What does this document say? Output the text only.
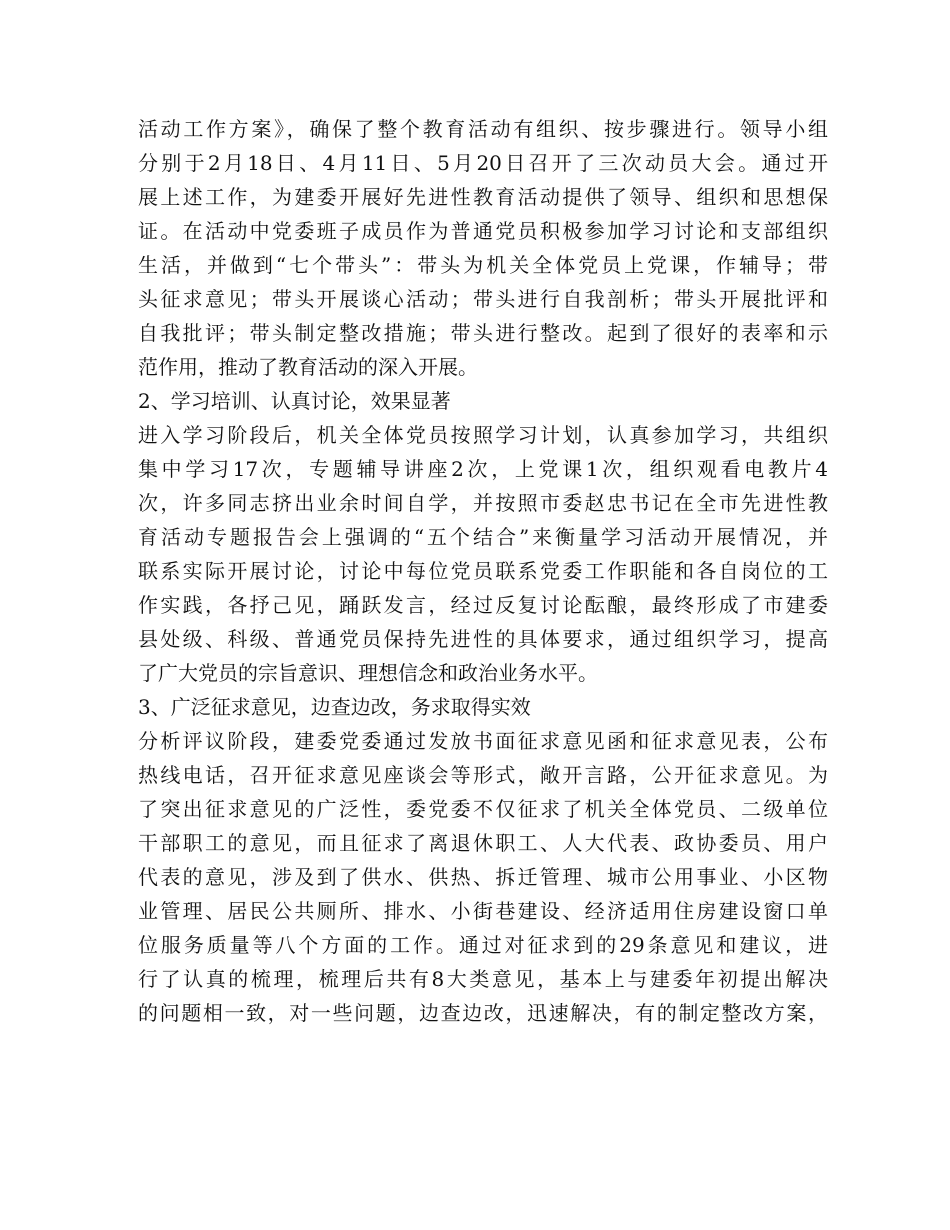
活动工作方案》，确保了整个教育活动有组织、按步骤进行。领导小组
分别于2月18日、4月11日、5月20日召开了三次动员大会。通过开
展上述工作，为建委开展好先进性教育活动提供了领导、组织和思想保
证。在活动中党委班子成员作为普通党员积极参加学习讨论和支部组织
生活，并做到“七个带头”：带头为机关全体党员上党课，作辅导；带
头征求意见；带头开展谈心活动；带头进行自我剖析；带头开展批评和
自我批评；带头制定整改措施；带头进行整改。起到了很好的表率和示
范作用，推动了教育活动的深入开展。
2、学习培训、认真讨论，效果显著
进入学习阶段后，机关全体党员按照学习计划，认真参加学习，共组织
集中学习17次，专题辅导讲座2次，上党课1次，组织观看电教片4
次，许多同志挤出业余时间自学，并按照市委赵忠书记在全市先进性教
育活动专题报告会上强调的“五个结合”来衡量学习活动开展情况，并
联系实际开展讨论，讨论中每位党员联系党委工作职能和各自岗位的工
作实践，各抒己见，踊跃发言，经过反复讨论酝酿，最终形成了市建委
县处级、科级、普通党员保持先进性的具体要求，通过组织学习，提高
了广大党员的宗旨意识、理想信念和政治业务水平。
3、广泛征求意见，边查边改，务求取得实效
分析评议阶段，建委党委通过发放书面征求意见函和征求意见表，公布
热线电话，召开征求意见座谈会等形式，敞开言路，公开征求意见。为
了突出征求意见的广泛性，委党委不仅征求了机关全体党员、二级单位
干部职工的意见，而且征求了离退休职工、人大代表、政协委员、用户
代表的意见，涉及到了供水、供热、拆迁管理、城市公用事业、小区物
业管理、居民公共厕所、排水、小街巷建设、经济适用住房建设窗口单
位服务质量等八个方面的工作。通过对征求到的29条意见和建议，进
行了认真的梳理，梳理后共有8大类意见，基本上与建委年初提出解决
的问题相一致，对一些问题，边查边改，迅速解决，有的制定整改方案，
